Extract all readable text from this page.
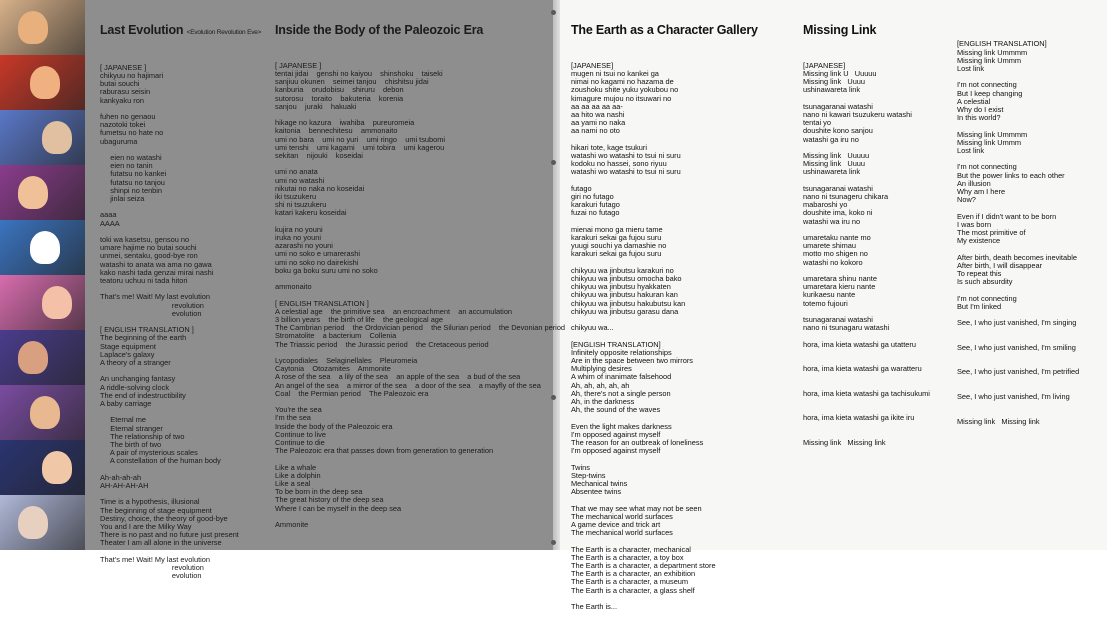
Last Evolution <Evolution Revolution Eve>

[ JAPANESE ]
chikyuu no hajimari
butai souchi
raburasu seisin
kankyaku ron
fuhen no genaou
nazotoki tokei
fumetsu no hate no
ubaguruma
eien no watashi
eien no tanin
futatsu no kankei
futatsu no tanjou
shinpi no tenbin
jinlai seiza
aaaa
AAAA
toki wa kasetsu, gensou no
umare hajime no butai souchi
unmei, sentaku, good-bye ron
watashi to anata wa ama no gawa
kako nashi tada genzai mirai nashi
teatoru uchuu ni tada hitori
That's me! Wait! My last evolution
revolution
evolution
[ ENGLISH TRANSLATION ]
The beginning of the earth
Stage equipment
Laplace's galaxy
A theory of a stranger
An unchanging fantasy
A riddle-solving clock
The end of indestructibility
A baby carriage
Eternal me
Eternal stranger
The relationship of two
The birth of two
A pair of mysterious scales
A constellation of the human body
Ah-ah-ah-ah
AH-AH-AH-AH
Time is a hypothesis, illusional
The beginning of stage equipment
Destiny, choice, the theory of good-bye
You and I are the Milky Way
There is no past and no future just present
Theater I am all alone in the universe
That's me! Wait! My last evolution
revolution
evolution

Inside the Body of the Paleozoic Era

[ JAPANESE ]
tentai jidai    genshi no kaiyou    shinshoku    taiseki
sanjiuu okunen    seimei tanjou    chishitsu jidai
kanburia    orudobisu    shiruru    debon
sutorosu    toraito    bakuteria    korenia
sanjou    juraki    hakuaki
hikage no kazura    iwahiba    pureuromeia
kaitonia    bennechitesu    ammonaito
umi no bara    umi no yuri    umi ringo    umi tsubomi
umi tenshi    umi kagami    umi tobira    umi kagerou
sekitan    nijouki    koseidai
umi no anata
umi no watashi
nikutai no naka no koseidai
iki tsuzukeru
shi ni tsuzukeru
katari kakeru koseidai
kujira no youni
iruka no youni
azarashi no youni
umi no soko e umarerashi
umi no soko no dairekishi
boku ga boku suru umi no soko
ammonaito
[ ENGLISH TRANSLATION ]
A celestial age    the primitive sea    an encroachment    an accumulation
3 billion years    the birth of life    the geological age
The Cambrian period    the Ordovician period    the Silurian period    the Devonian period
Stromatolite    a bacterium    Collenia
The Triassic period    the Jurassic period    the Cretaceous period
Lycopodiales    Selaginellales    Pleuromeia
Caytonia    Otozamites    Ammonite
A rose of the sea    a lily of the sea    an apple of the sea    a bud of the sea
An angel of the sea    a mirror of the sea    a door of the sea    a mayfly of the sea
Coal    the Permian period    The Paleozoic era
You're the sea
I'm the sea
Inside the body of the Paleozoic era
Continue to live
Continue to die
The Paleozoic era that passes down from generation to generation
Like a whale
Like a dolphin
Like a seal
To be born in the deep sea
The great history of the deep sea
Where I can be myself in the deep sea
Ammonite

The Earth as a Character Gallery

[JAPANESE]
mugen ni tsui no kankei ga
nimai no kagami no hazama de
zoushoku shite yuku yokubou no
kimagure mujou no itsuwari no
aa aa aa aa aa-
aa hito wa nashi
aa yami no naka
aa nami no oto
hikari tote, kage tsukuri
watashi wo watashi to tsui ni suru
kodoku no hassei, sono riyuu
watashi wo watashi to tsui ni suru
futago
giri no futago
karakuri futago
fuzai no futago
mienai mono ga mieru tame
karakuri sekai ga fujou suru
yuugi souchi ya damashie no
karakuri sekai ga fujou suru
chikyuu wa jinbutsu karakuri no
chikyuu wa jinbutsu omocha bako
chikyuu wa jinbutsu hyakkaten
chikyuu wa jinbutsu hakuran kan
chikyuu wa jinbutsu hakubutsu kan
chikyuu wa jinbutsu garasu dana
chikyuu wa...
[ENGLISH TRANSLATION]
Infinitely opposite relationships
Are in the space between two mirrors
Multiplying desires
A whim of inanimate falsehood
Ah, ah, ah, ah, ah
Ah, there's not a single person
Ah, in the darkness
Ah, the sound of the waves
Even the light makes darkness
I'm opposed against myself
The reason for an outbreak of loneliness
I'm opposed against myself
Twins
Step-twins
Mechanical twins
Absentee twins
That we may see what may not be seen
The mechanical world surfaces
A game device and trick art
The mechanical world surfaces
The Earth is a character, mechanical
The Earth is a character, a toy box
The Earth is a character, a department store
The Earth is a character, an exhibition
The Earth is a character, a museum
The Earth is a character, a glass shelf
The Earth is...

Missing Link

[JAPANESE]
Missing link U   Uuuuu
Missing link   Uuuu
ushinawareta link
tsunagaranai watashi
nano ni kawari tsuzukeru watashi
tentai yo
doushite kono sanjou
watashi ga iru no
Missing link   Uuuuu
Missing link   Uuuu
ushinawareta link
tsunagaranai watashi
nano ni tsunageru chikara
mabaroshi yo
doushite ima, koko ni
watashi wa iru no
umaretaku nante mo
umarete shimau
motto mo shigen no
watashi no kokoro
umaretara shinu nante
umaretara kieru nante
kurikaesu nante
totemo fujouri
tsunagaranai watashi
nano ni tsunagaru watashi
hora, ima kieta watashi ga utatteru
hora, ima kieta watashi ga waratteru
hora, ima kieta watashi ga tachisukumi
hora, ima kieta watashi ga ikite iru
Missing link   Missing link

[ENGLISH TRANSLATION]
Missing link Ummmm
Missing link Ummm
Lost link
I'm not connecting
But I keep changing
A celestial
Why do I exist
In this world?
Missing link Ummmm
Missing link Ummm
Lost link
I'm not connecting
But the power links to each other
An illusion
Why am I here
Now?
Even if I didn't want to be born
I was born
The most primitive of
My existence
After birth, death becomes inevitable
After birth, I will disappear
To repeat this
Is such absurdity
I'm not connecting
But I'm linked
See, I who just vanished, I'm singing
See, I who just vanished, I'm smiling
See, I who just vanished, I'm petrified
See, I who just vanished, I'm living
Missing link   Missing link
